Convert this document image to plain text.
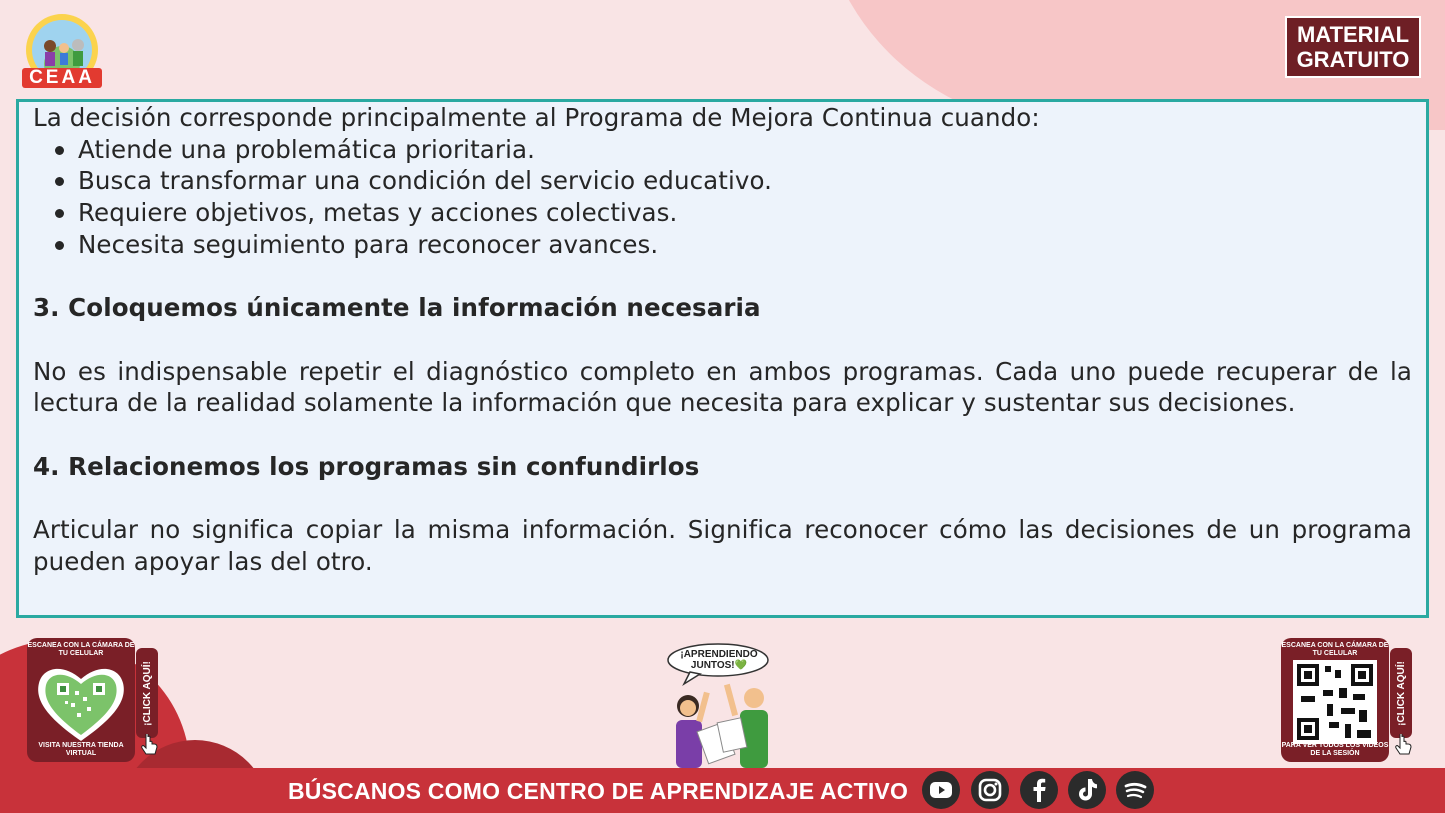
CEAA
MATERIAL
GRATUITO

La decisión corresponde principalmente al Programa de Mejora Continua cuando:

Atiende una problemática prioritaria.
Busca transformar una condición del servicio educativo.
Requiere objetivos, metas y acciones colectivas.
Necesita seguimiento para reconocer avances.

3. Coloquemos únicamente la información necesaria

No es indispensable repetir el diagnóstico completo en ambos programas. Cada uno puede recuperar de la lectura de la realidad solamente la información que necesita para explicar y sustentar sus decisiones.

4. Relacionemos los programas sin confundirlos

Articular no significa copiar la misma información. Significa reconocer cómo las decisiones de un programa pueden apoyar las del otro.

ESCANEA CON LA CÁMARA DE TU CELULAR
VISITA NUESTRA TIENDA VIRTUAL
¡CLICK AQUÍ!
¡APRENDIENDO JUNTOS!💚
ESCANEA CON LA CÁMARA DE TU CELULAR
PARA VER TODOS LOS VIDEOS DE LA SESIÓN
¡CLICK AQUÍ!
BÚSCANOS COMO CENTRO DE APRENDIZAJE ACTIVO
